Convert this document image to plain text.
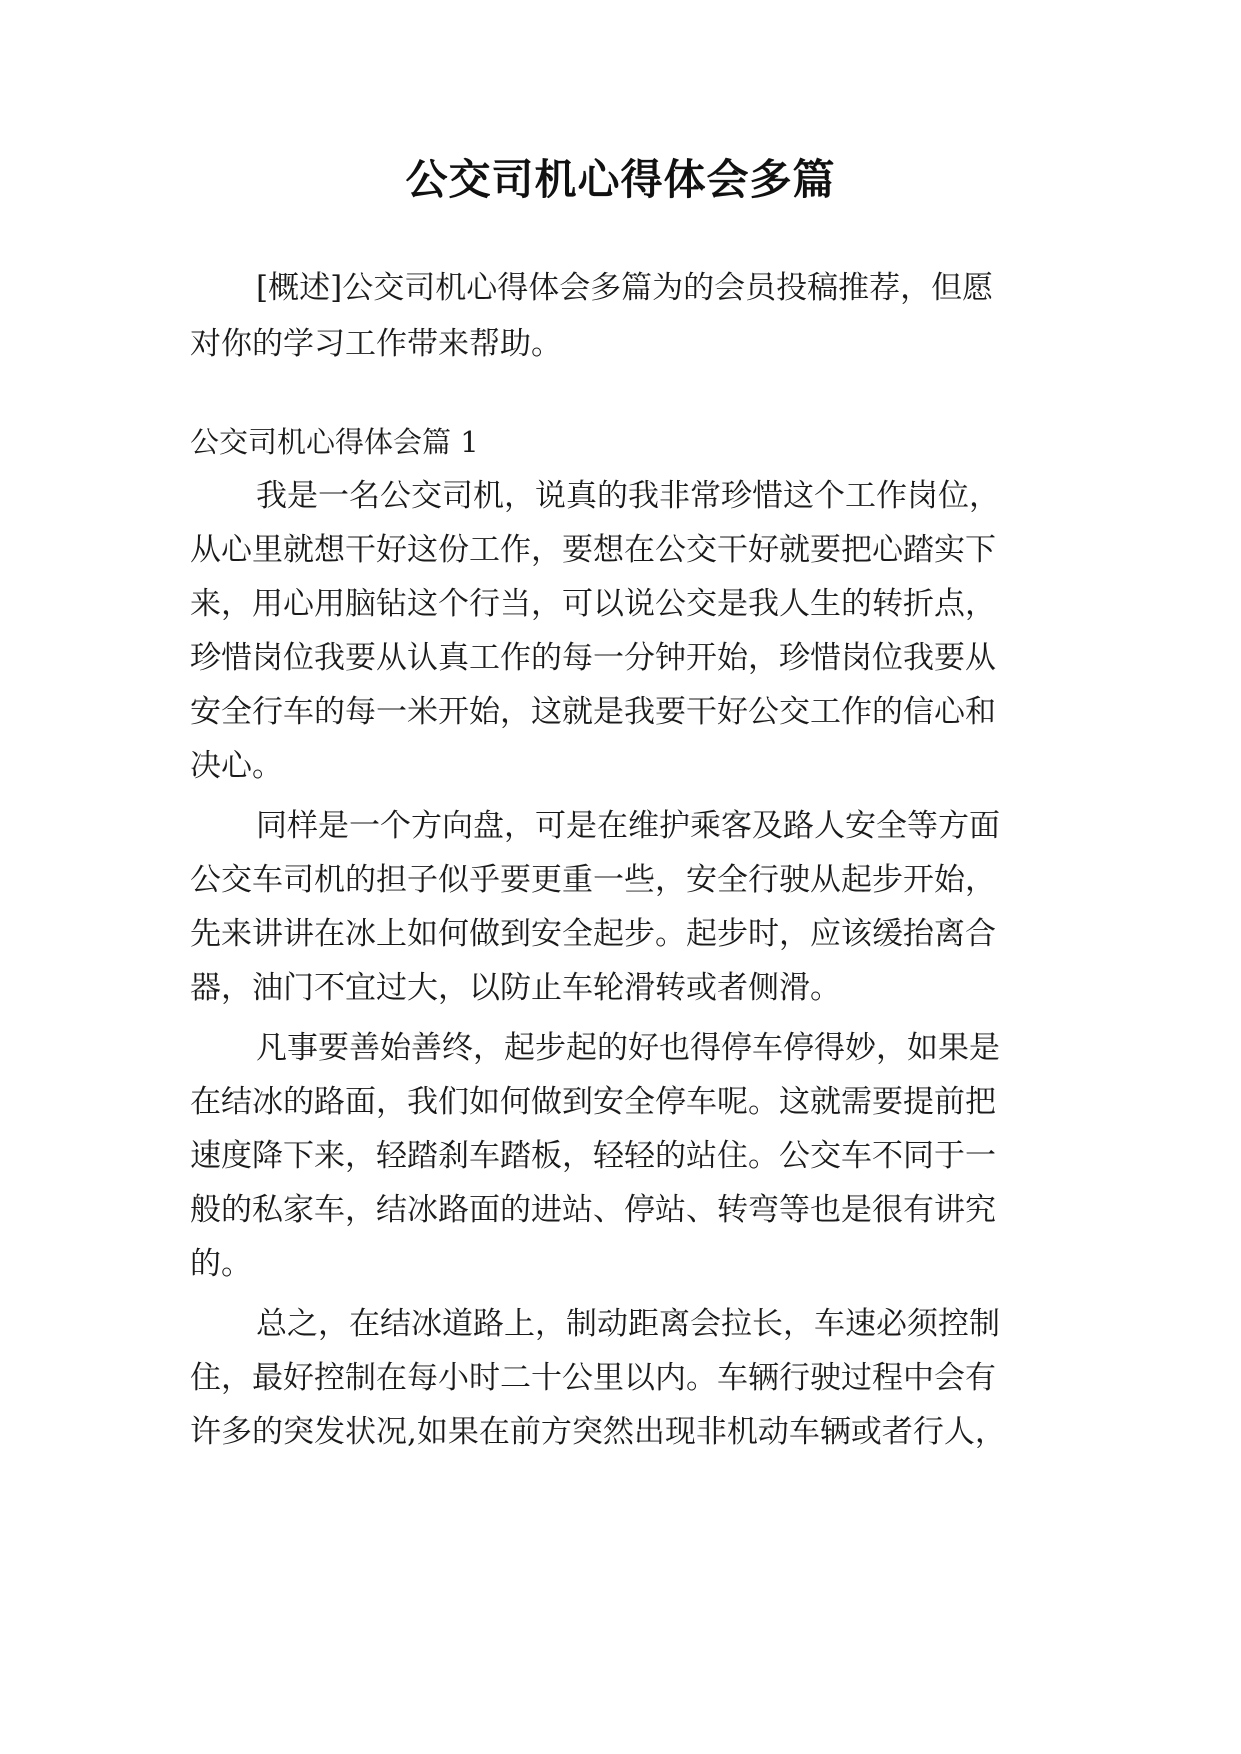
公交司机心得体会多篇
[概述]公交司机心得体会多篇为的会员投稿推荐，但愿
对你的学习工作带来帮助。
公交司机心得体会篇 1
我是一名公交司机，说真的我非常珍惜这个工作岗位，
从心里就想干好这份工作，要想在公交干好就要把心踏实下
来，用心用脑钻这个行当，可以说公交是我人生的转折点，
珍惜岗位我要从认真工作的每一分钟开始，珍惜岗位我要从
安全行车的每一米开始，这就是我要干好公交工作的信心和
决心。
同样是一个方向盘，可是在维护乘客及路人安全等方面
公交车司机的担子似乎要更重一些，安全行驶从起步开始，
先来讲讲在冰上如何做到安全起步。起步时，应该缓抬离合
器，油门不宜过大，以防止车轮滑转或者侧滑。
凡事要善始善终，起步起的好也得停车停得妙，如果是
在结冰的路面，我们如何做到安全停车呢。这就需要提前把
速度降下来，轻踏刹车踏板，轻轻的站住。公交车不同于一
般的私家车，结冰路面的进站、停站、转弯等也是很有讲究
的。
总之，在结冰道路上，制动距离会拉长，车速必须控制
住，最好控制在每小时二十公里以内。车辆行驶过程中会有
许多的突发状况,如果在前方突然出现非机动车辆或者行人，
